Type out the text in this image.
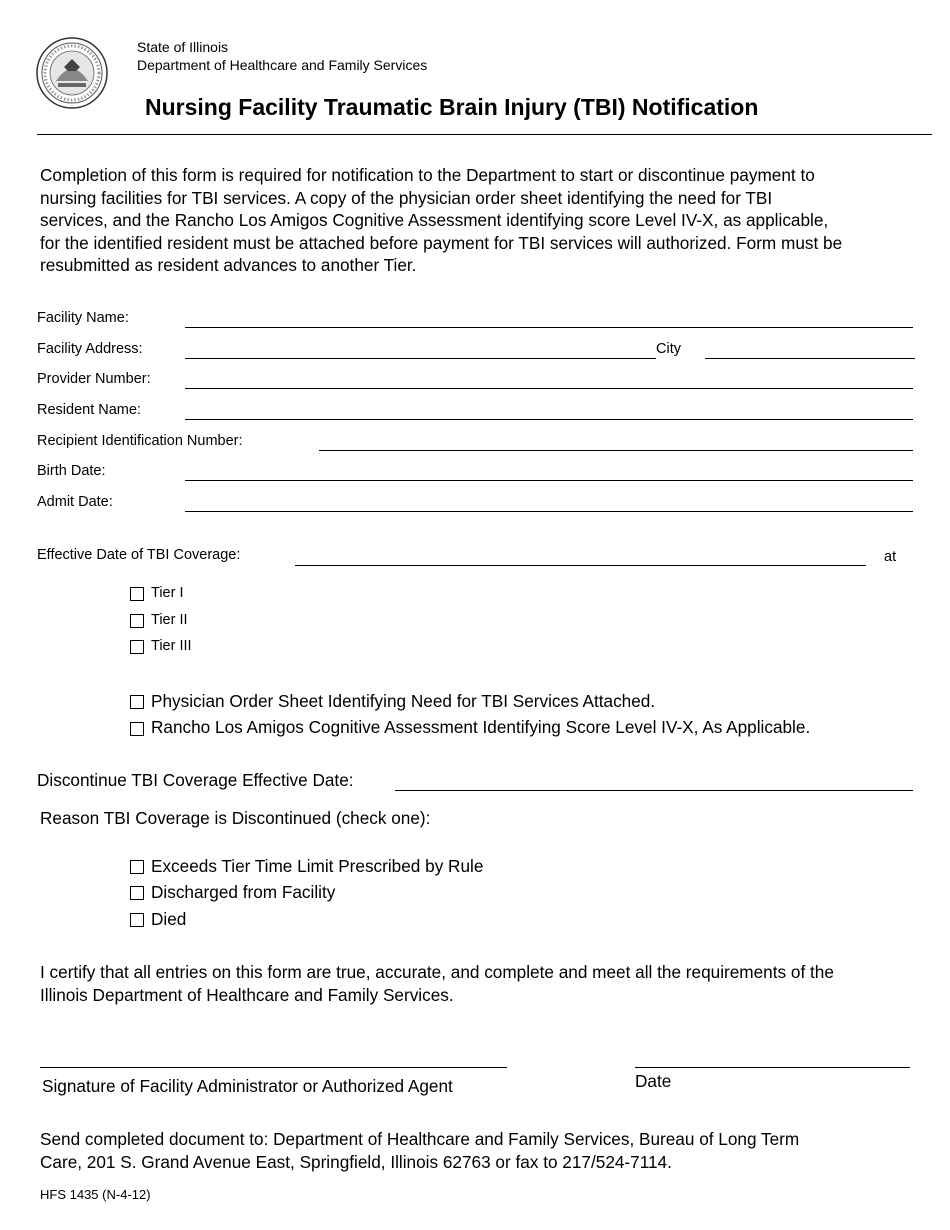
State of Illinois
Department of Healthcare and Family Services
Nursing Facility Traumatic Brain Injury (TBI) Notification
Completion of this form is required for notification to the Department to start or discontinue payment to
nursing facilities for TBI services. A copy of the physician order sheet identifying the need for TBI
services, and the Rancho Los Amigos Cognitive Assessment identifying score Level IV-X, as applicable,
for the identified resident must be attached before payment for TBI services will authorized. Form must be
resubmitted as resident advances to another Tier.
Facility Name:
Facility Address:	City
Provider Number:
Resident Name:
Recipient Identification Number:
Birth Date:
Admit Date:
Effective Date of TBI Coverage:	at
Tier I
Tier II
Tier III
Physician Order Sheet Identifying Need for TBI Services Attached.
Rancho Los Amigos Cognitive Assessment Identifying Score Level IV-X, As Applicable.
Discontinue TBI Coverage Effective Date:
Reason TBI Coverage is Discontinued (check one):
Exceeds Tier Time Limit Prescribed by Rule
Discharged from Facility
Died
I certify that all entries on this form are true, accurate, and complete and meet all the requirements of the
Illinois Department of Healthcare and Family Services.
Signature of Facility Administrator or Authorized Agent	Date
Send completed document to: Department of Healthcare and Family Services, Bureau of Long Term
Care, 201 S. Grand Avenue East, Springfield, Illinois 62763 or fax to 217/524-7114.
HFS 1435 (N-4-12)
